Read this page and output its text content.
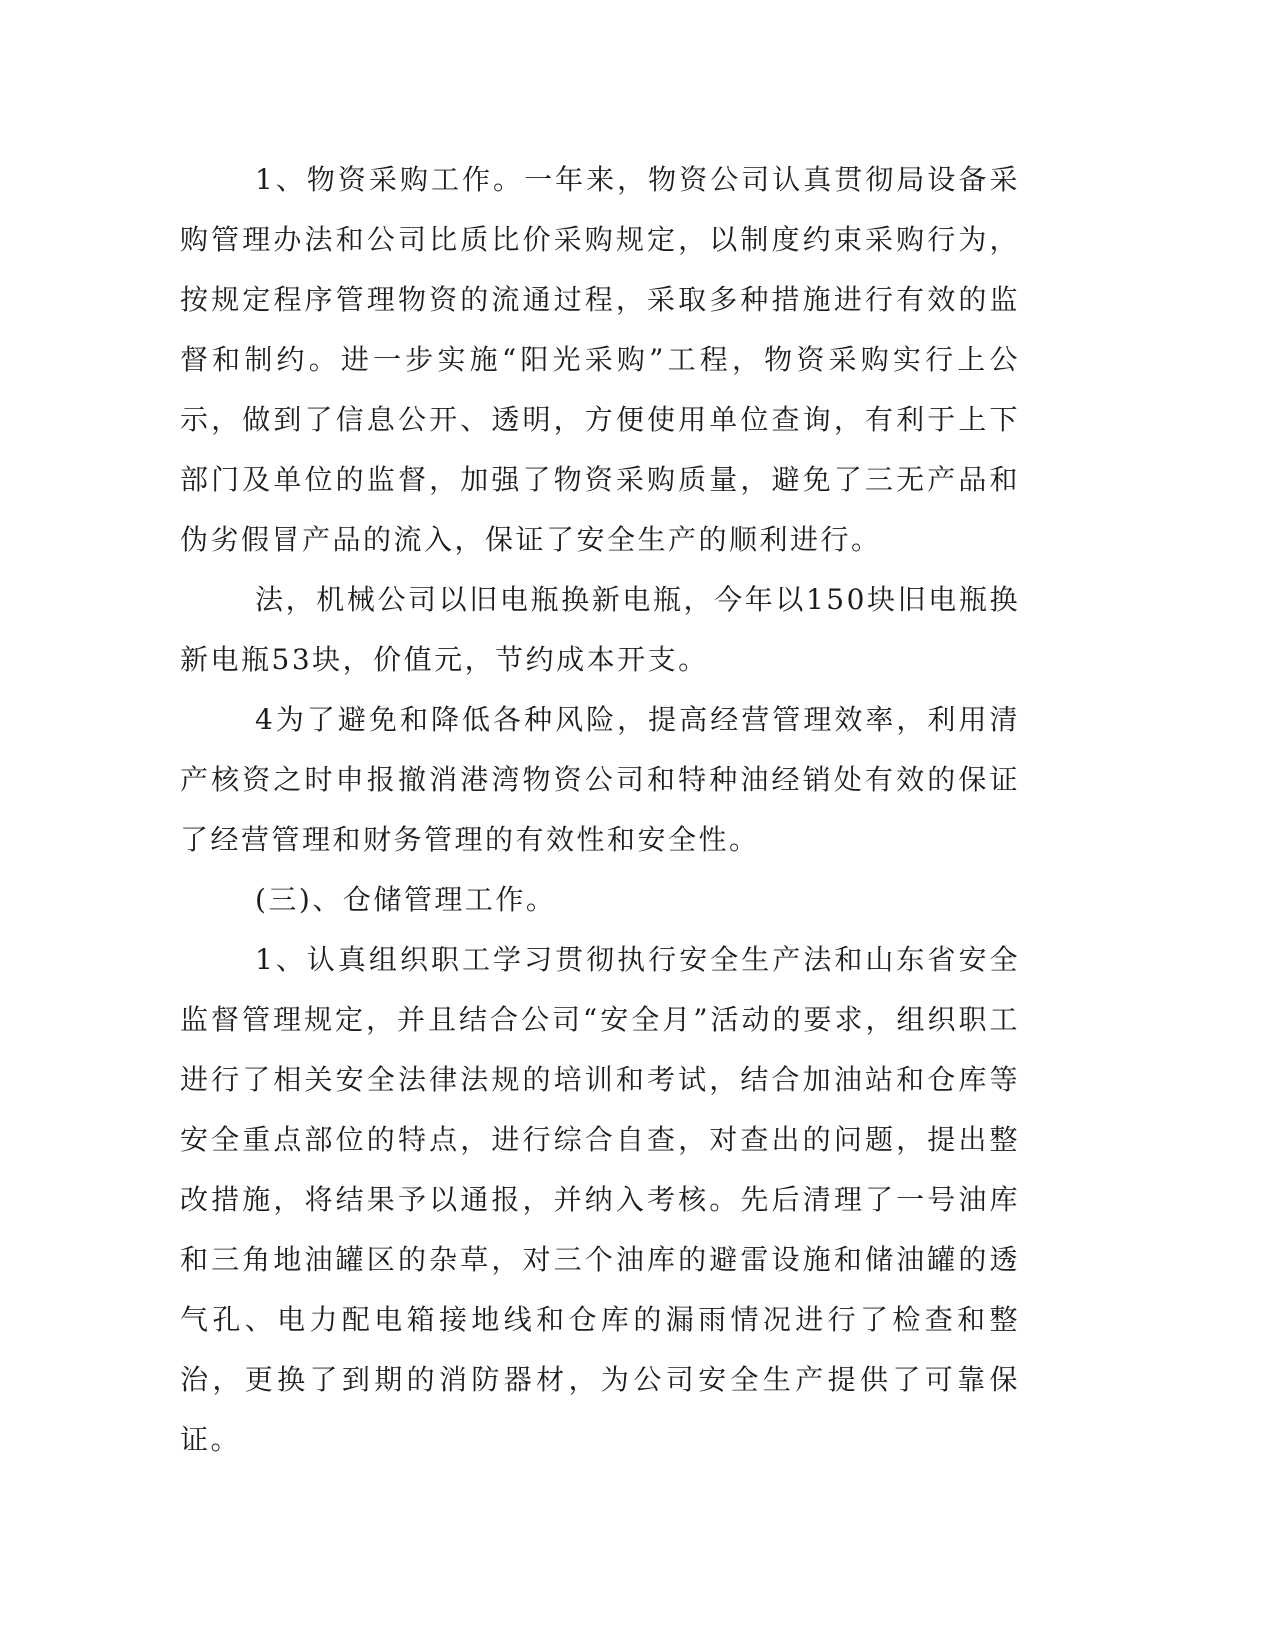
1、物资采购工作。一年来，物资公司认真贯彻局设备采购管理办法和公司比质比价采购规定，以制度约束采购行为，按规定程序管理物资的流通过程，采取多种措施进行有效的监督和制约。进一步实施“阳光采购”工程，物资采购实行上公示，做到了信息公开、透明，方便使用单位查询，有利于上下部门及单位的监督，加强了物资采购质量，避免了三无产品和伪劣假冒产品的流入，保证了安全生产的顺利进行。

法，机械公司以旧电瓶换新电瓶，今年以150块旧电瓶换新电瓶53块，价值元，节约成本开支。

4为了避免和降低各种风险，提高经营管理效率，利用清产核资之时申报撤消港湾物资公司和特种油经销处有效的保证了经营管理和财务管理的有效性和安全性。

(三)、仓储管理工作。

1、认真组织职工学习贯彻执行安全生产法和山东省安全监督管理规定，并且结合公司“安全月”活动的要求，组织职工进行了相关安全法律法规的培训和考试，结合加油站和仓库等安全重点部位的特点，进行综合自查，对查出的问题，提出整改措施，将结果予以通报，并纳入考核。先后清理了一号油库和三角地油罐区的杂草，对三个油库的避雷设施和储油罐的透气孔、电力配电箱接地线和仓库的漏雨情况进行了检查和整治，更换了到期的消防器材，为公司安全生产提供了可靠保证。
